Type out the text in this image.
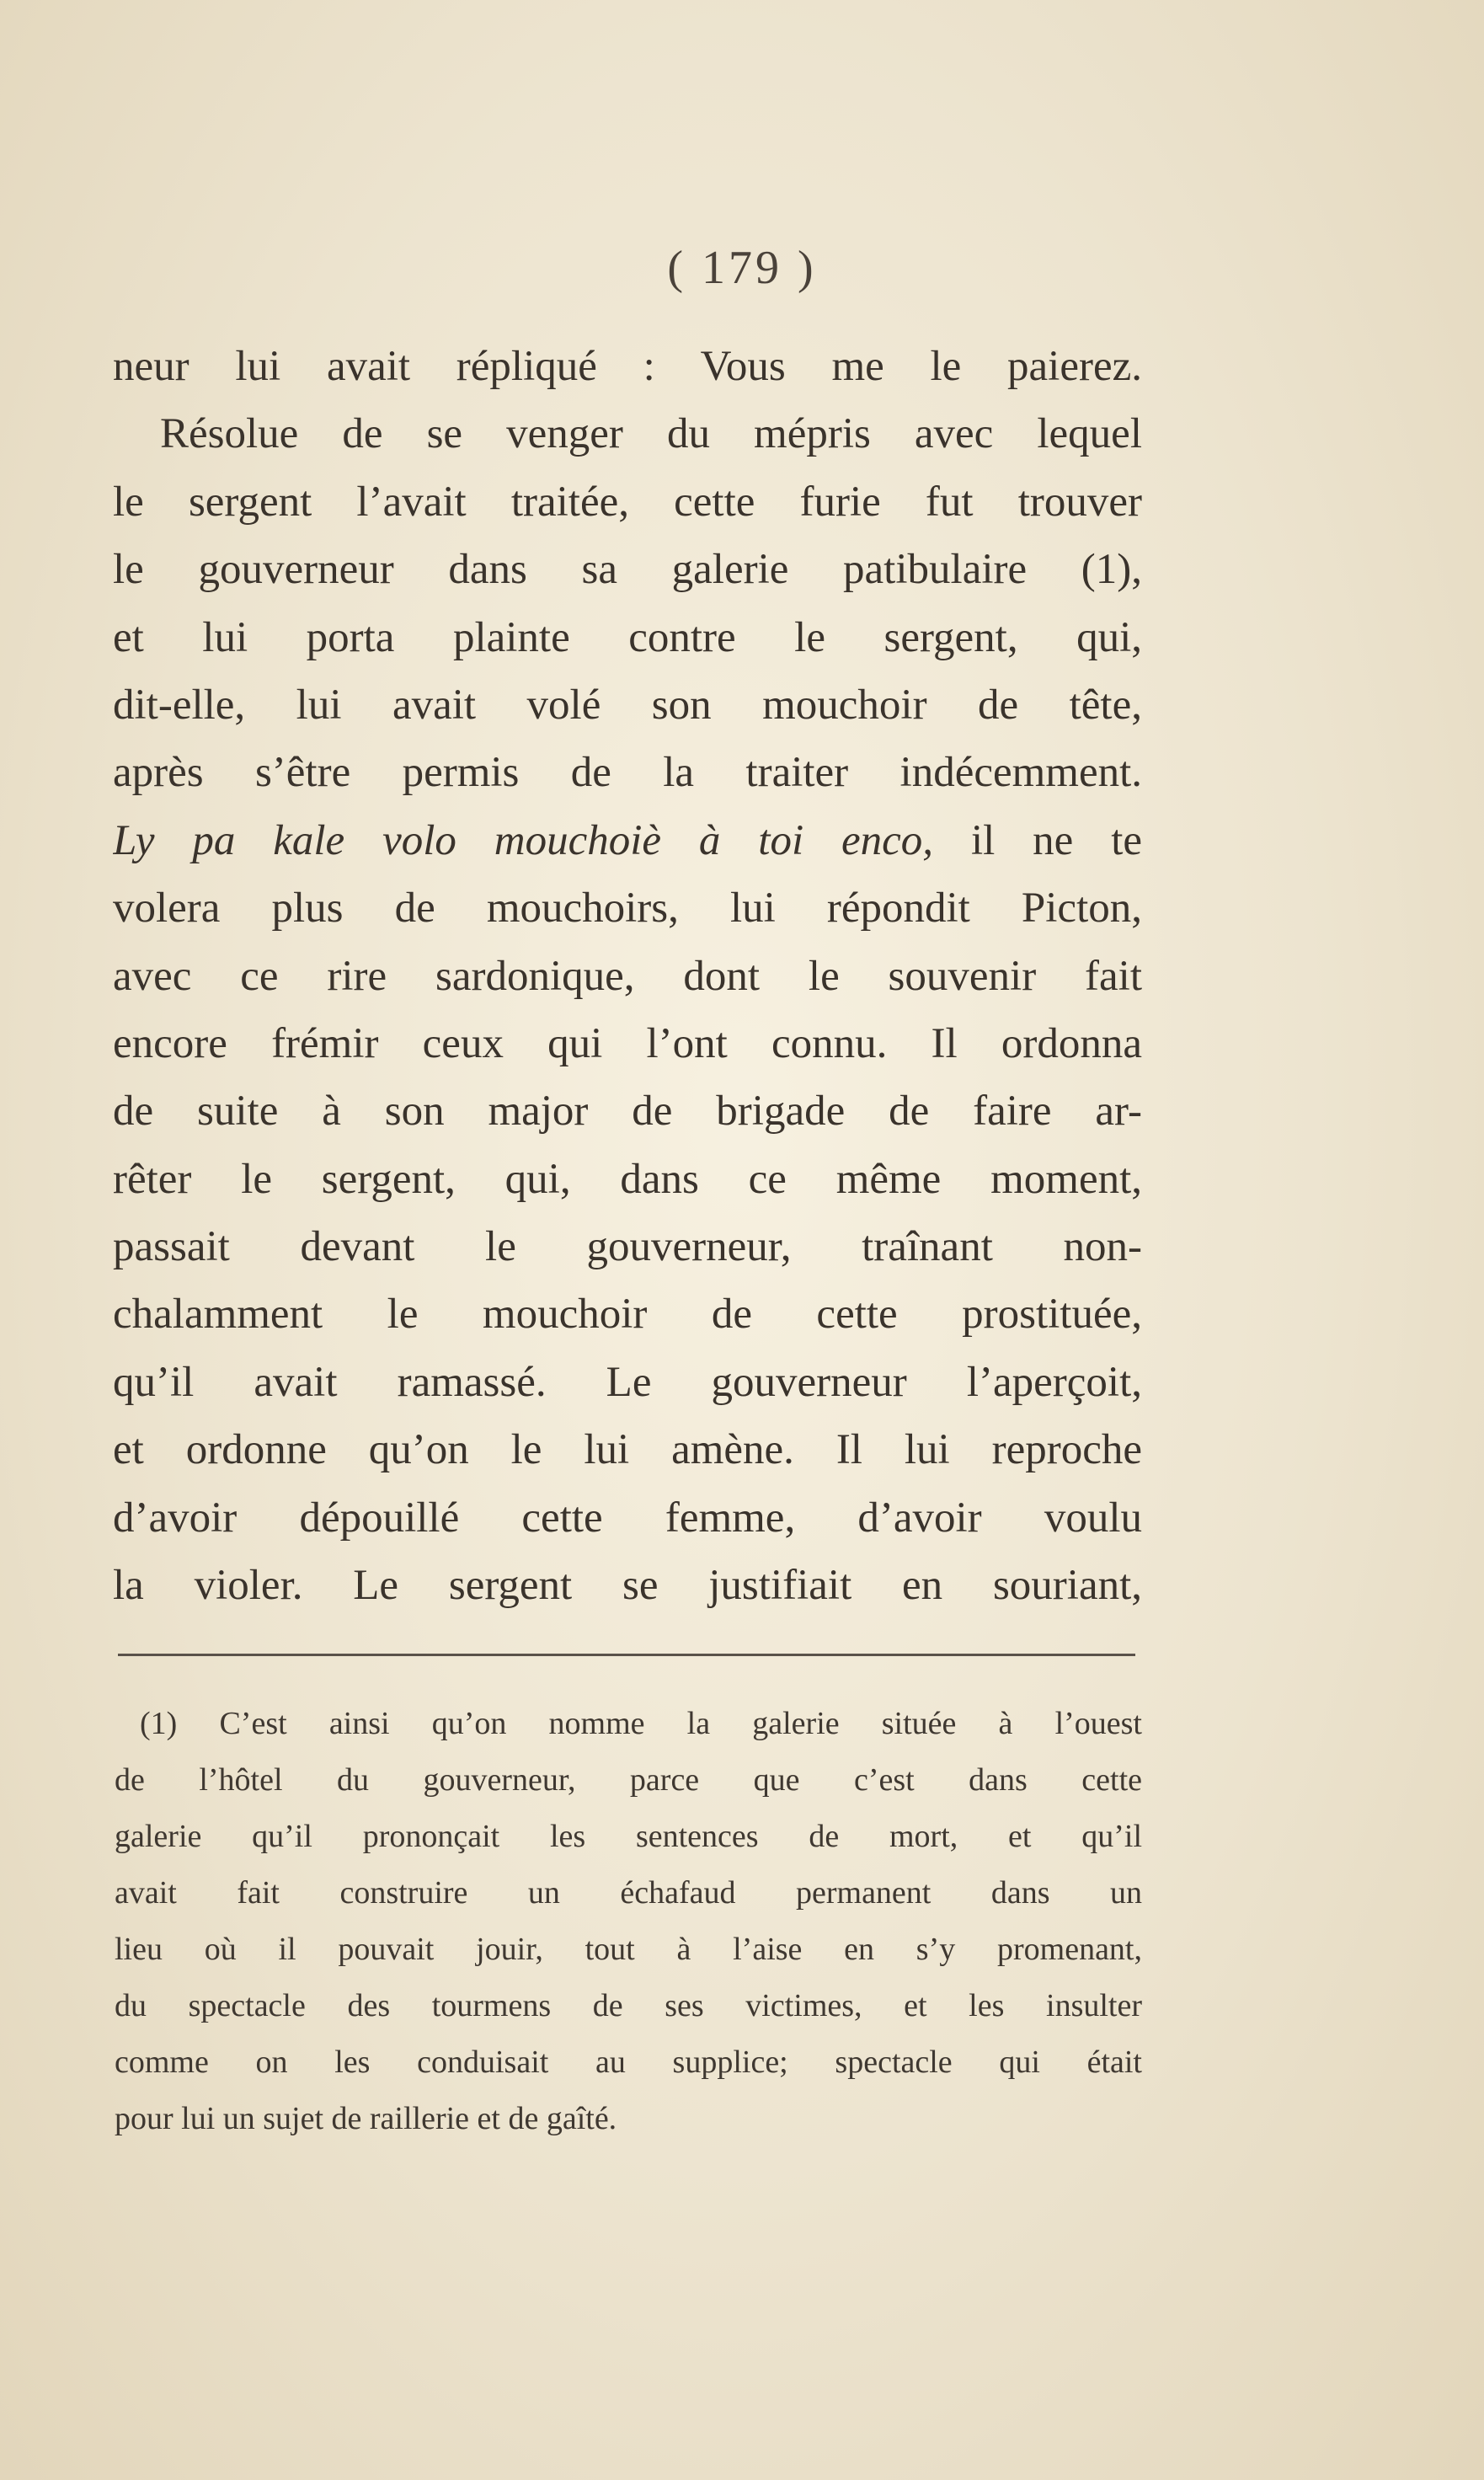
( 179 )
neur lui avait répliqué : Vous me le paierez.
Résolue de se venger du mépris avec lequel
le sergent l’avait traitée, cette furie fut trouver
le gouverneur dans sa galerie patibulaire (1),
et lui porta plainte contre le sergent, qui,
dit-elle, lui avait volé son mouchoir de tête,
après s’être permis de la traiter indécemment.
Ly pa kale volo mouchoiè à toi enco, il ne te
volera plus de mouchoirs, lui répondit Picton,
avec ce rire sardonique, dont le souvenir fait
encore frémir ceux qui l’ont connu. Il ordonna
de suite à son major de brigade de faire ar-
rêter le sergent, qui, dans ce même moment,
passait devant le gouverneur, traînant non-
chalamment le mouchoir de cette prostituée,
qu’il avait ramassé. Le gouverneur l’aperçoit,
et ordonne qu’on le lui amène. Il lui reproche
d’avoir dépouillé cette femme, d’avoir voulu
la violer. Le sergent se justifiait en souriant,
(1) C’est ainsi qu’on nomme la galerie située à l’ouest
de l’hôtel du gouverneur, parce que c’est dans cette
galerie qu’il prononçait les sentences de mort, et qu’il
avait fait construire un échafaud permanent dans un
lieu où il pouvait jouir, tout à l’aise en s’y promenant,
du spectacle des tourmens de ses victimes, et les insulter
comme on les conduisait au supplice; spectacle qui était
pour lui un sujet de raillerie et de gaîté.
